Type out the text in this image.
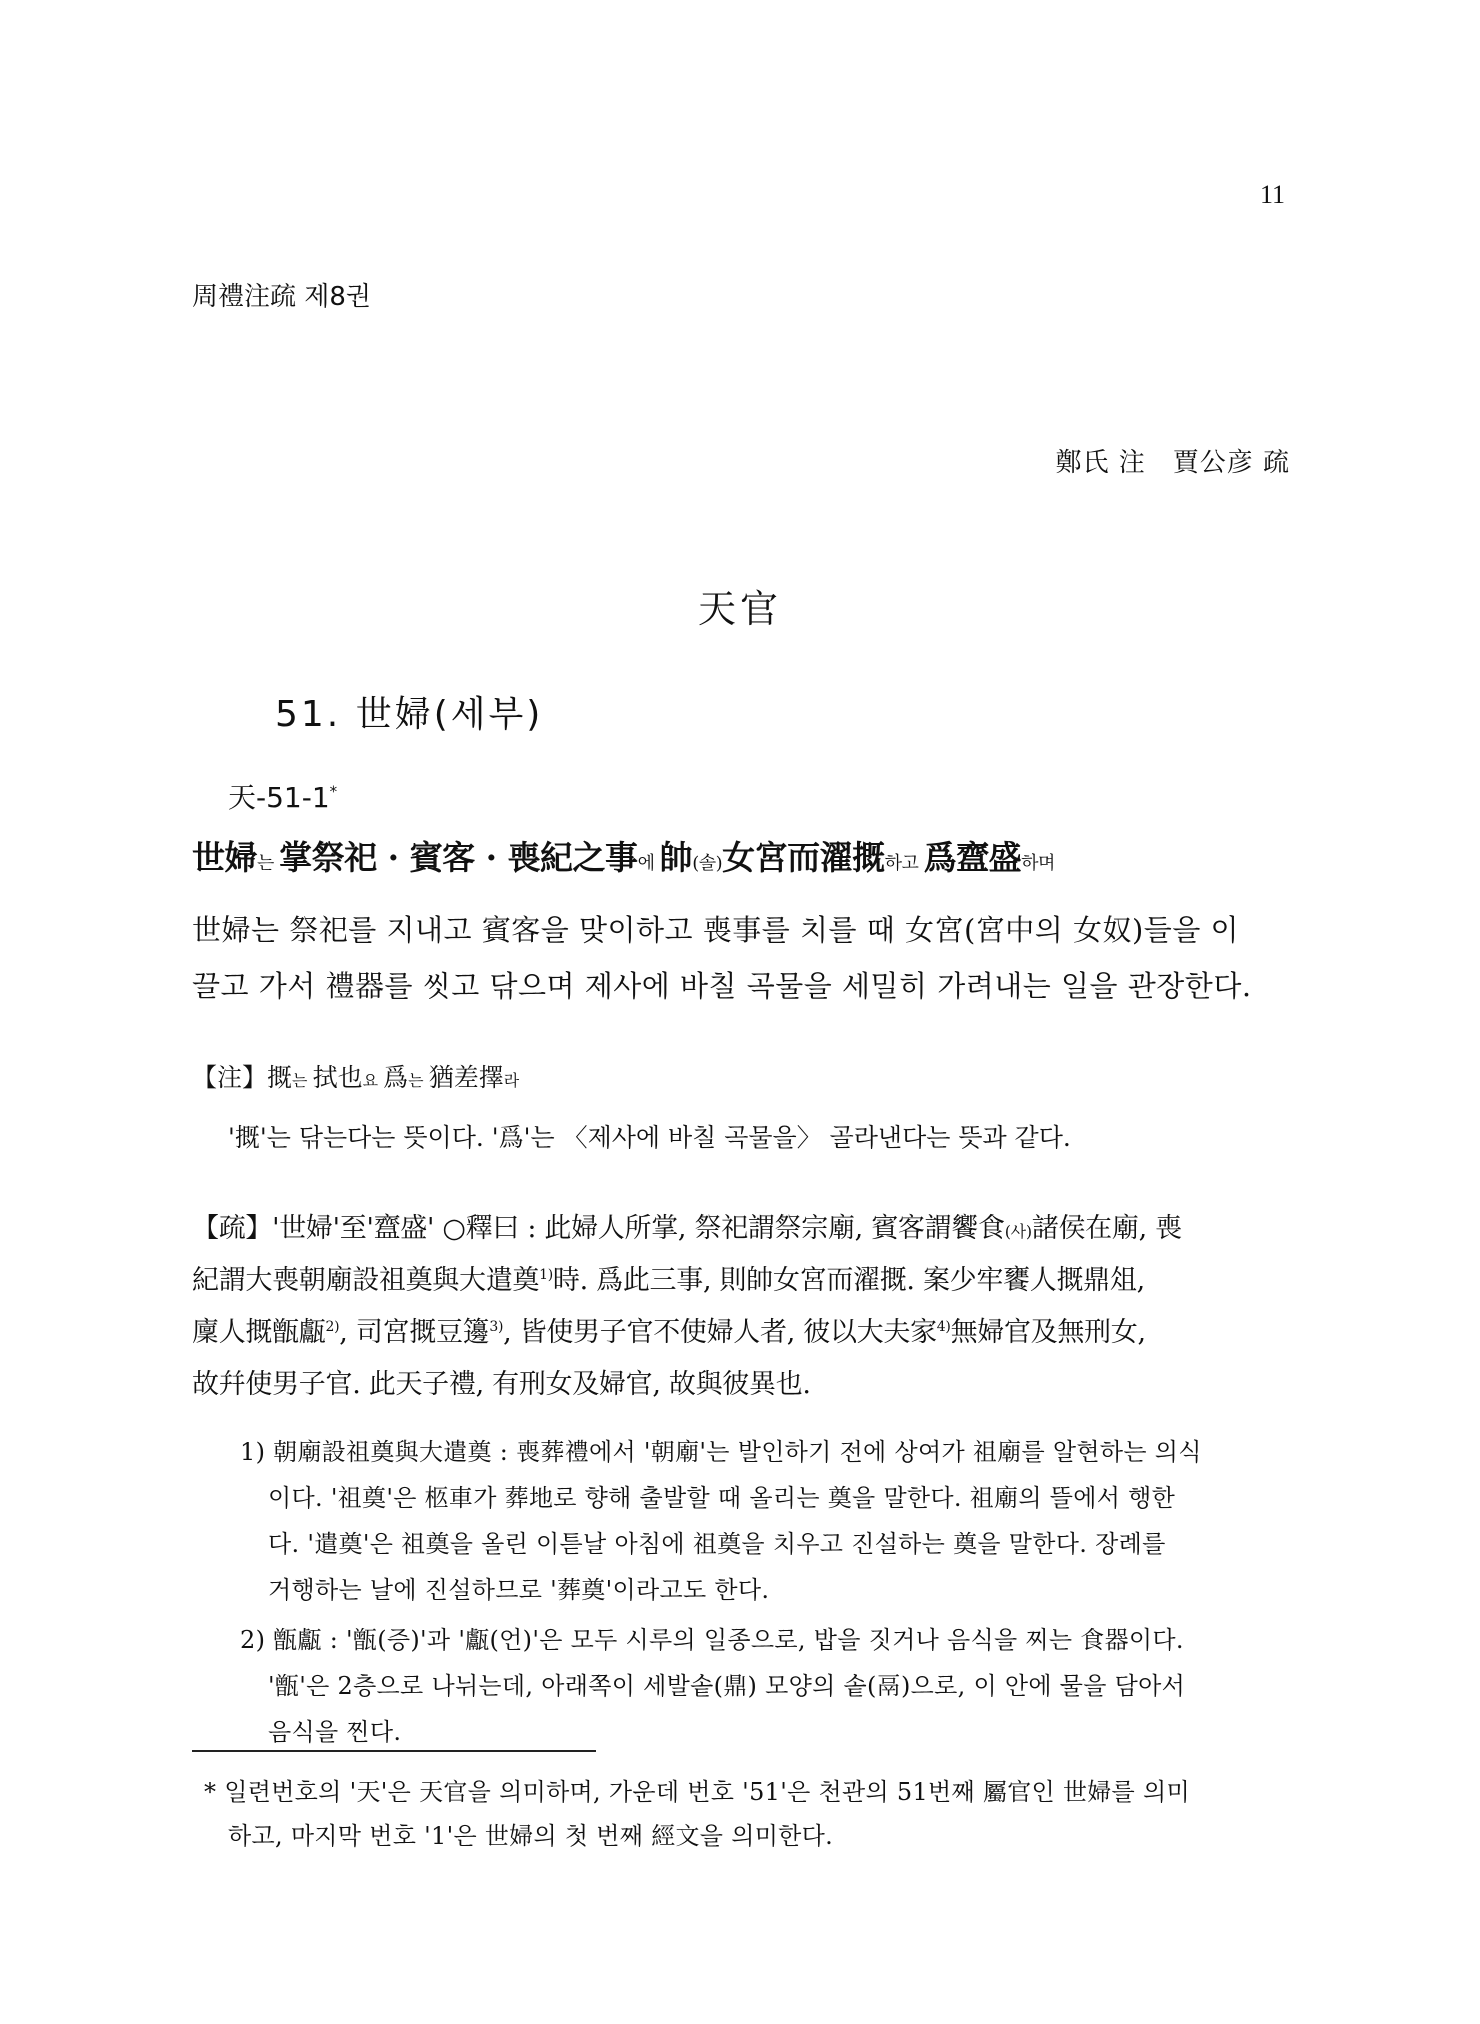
11
周禮注疏 제8권
鄭氏 注　賈公彦 疏
天官
51. 世婦(세부)
天-51-1*
世婦는 掌祭祀 · 賓客 · 喪紀之事에 帥(솔)女宮而濯摡하고 爲齍盛하며
世婦는 祭祀를 지내고 賓客을 맞이하고 喪事를 치를 때 女宮(宮中의 女奴)들을 이
끌고 가서 禮器를 씻고 닦으며 제사에 바칠 곡물을 세밀히 가려내는 일을 관장한다.
【注】摡는 拭也요 爲는 猶差擇라
'摡'는 닦는다는 뜻이다. '爲'는 〈제사에 바칠 곡물을〉 골라낸다는 뜻과 같다.
【疏】'世婦'至'齍盛' ○釋曰 : 此婦人所掌, 祭祀謂祭宗廟, 賓客謂饗食(사)諸侯在廟, 喪
紀謂大喪朝廟設祖奠與大遣奠$^{1)}$時. 爲此三事, 則帥女宮而濯摡. 案少牢饔人摡鼎俎,
廩人摡甑甗$^{2)}$, 司宮摡豆籩$^{3)}$, 皆使男子官不使婦人者, 彼以大夫家$^{4)}$無婦官及無刑女,
故幷使男子官. 此天子禮, 有刑女及婦官, 故與彼異也.
1) 朝廟設祖奠與大遣奠 : 喪葬禮에서 '朝廟'는 발인하기 전에 상여가 祖廟를 알현하는 의식
이다. '祖奠'은 柩車가 葬地로 향해 출발할 때 올리는 奠을 말한다. 祖廟의 뜰에서 행한
다. '遣奠'은 祖奠을 올린 이튿날 아침에 祖奠을 치우고 진설하는 奠을 말한다. 장례를
거행하는 날에 진설하므로 '葬奠'이라고도 한다.
2) 甑甗 : '甑(증)'과 '甗(언)'은 모두 시루의 일종으로, 밥을 짓거나 음식을 찌는 食器이다.
'甑'은 2층으로 나뉘는데, 아래쪽이 세발솥(鼎) 모양의 솥(鬲)으로, 이 안에 물을 담아서
음식을 찐다.
* 일련번호의 '天'은 天官을 의미하며, 가운데 번호 '51'은 천관의 51번째 屬官인 世婦를 의미
하고, 마지막 번호 '1'은 世婦의 첫 번째 經文을 의미한다.
